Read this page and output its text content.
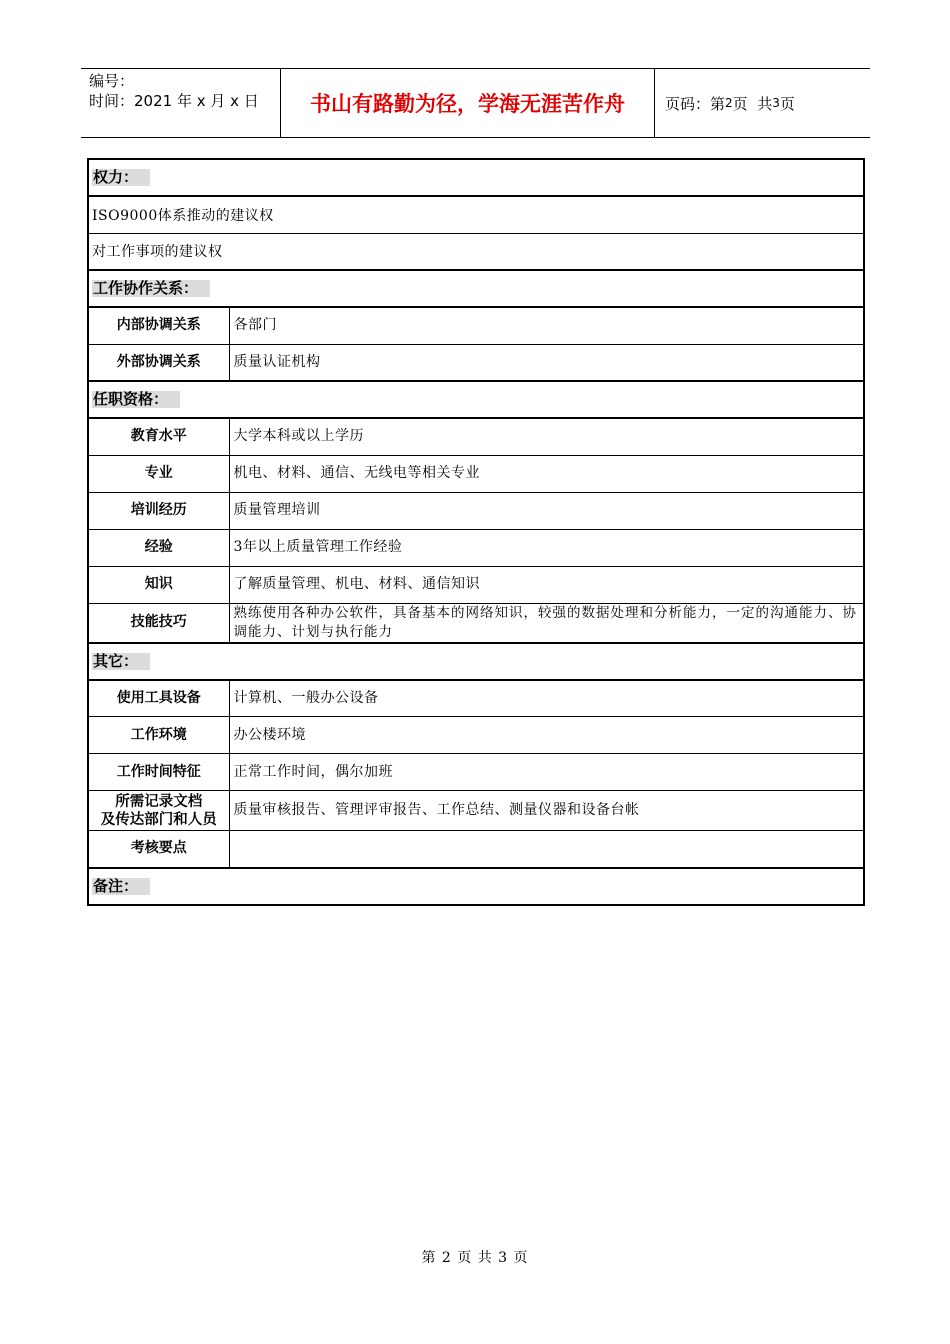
编号：
时间：2021 年 x 月 x 日	书山有路勤为径，学海无涯苦作舟	页码：第 2 页  共 3 页
权力：	
ISO9000体系推动的建议权	
对工作事项的建议权	
工作协作关系：	
内部协调关系	各部门
外部协调关系	质量认证机构
任职资格：	
教育水平	大学本科或以上学历
专业	机电、材料、通信、无线电等相关专业
培训经历	质量管理培训
经验	3年以上质量管理工作经验
知识	了解质量管理、机电、材料、通信知识
技能技巧	熟练使用各种办公软件，具备基本的网络知识，较强的数据处理和分析能力，一定的沟通能力、协调能力、计划与执行能力
其它：	
使用工具设备	计算机、一般办公设备
工作环境	办公楼环境
工作时间特征	正常工作时间，偶尔加班

所需记录文档
及传达部门和人员	质量审核报告、管理评审报告、工作总结、测量仪器和设备台帐
考核要点	
备注：	
第 2 页 共 3 页
